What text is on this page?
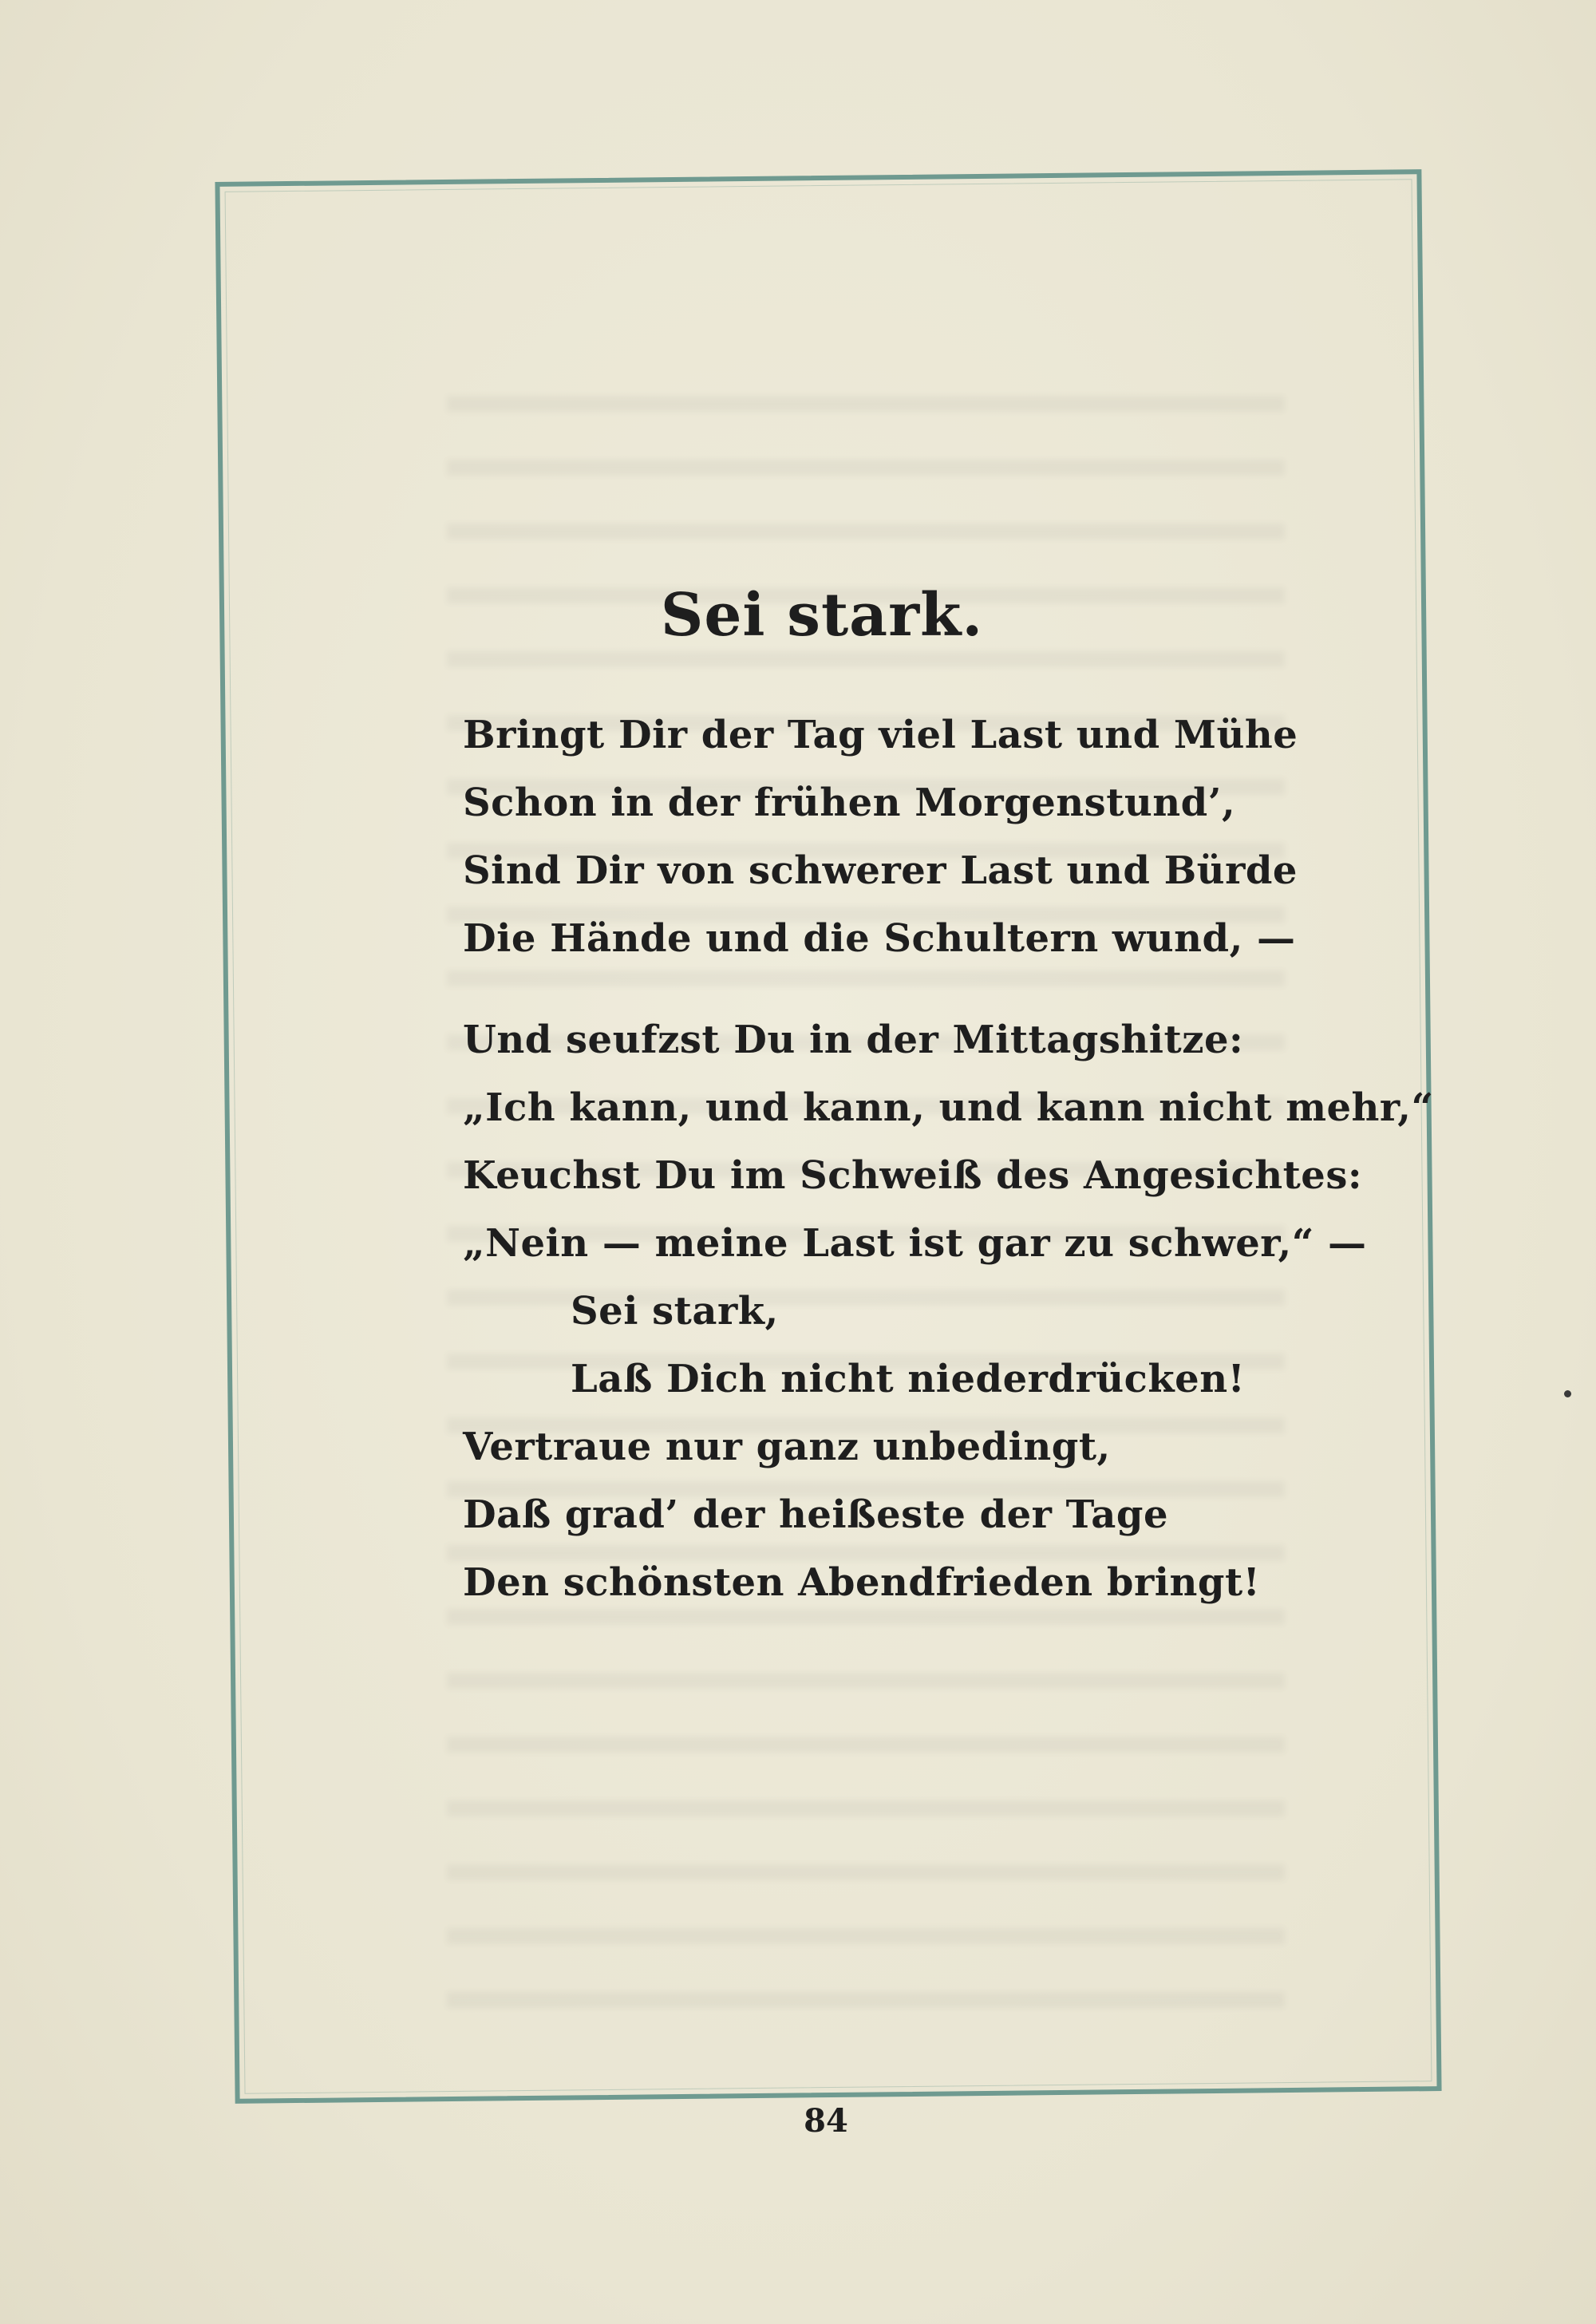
Sei stark.
Bringt Dir der Tag viel Last und Mühe
Schon in der frühen Morgenstund’,
Sind Dir von schwerer Last und Bürde
Die Hände und die Schultern wund, —
Und seufzst Du in der Mittagshitze:
„Ich kann, und kann, und kann nicht mehr,“
Keuchst Du im Schweiß des Angesichtes:
„Nein — meine Last ist gar zu schwer,“ —
Sei stark,
Laß Dich nicht niederdrücken!
Vertraue nur ganz unbedingt,
Daß grad’ der heißeste der Tage
Den schönsten Abendfrieden bringt!
84
